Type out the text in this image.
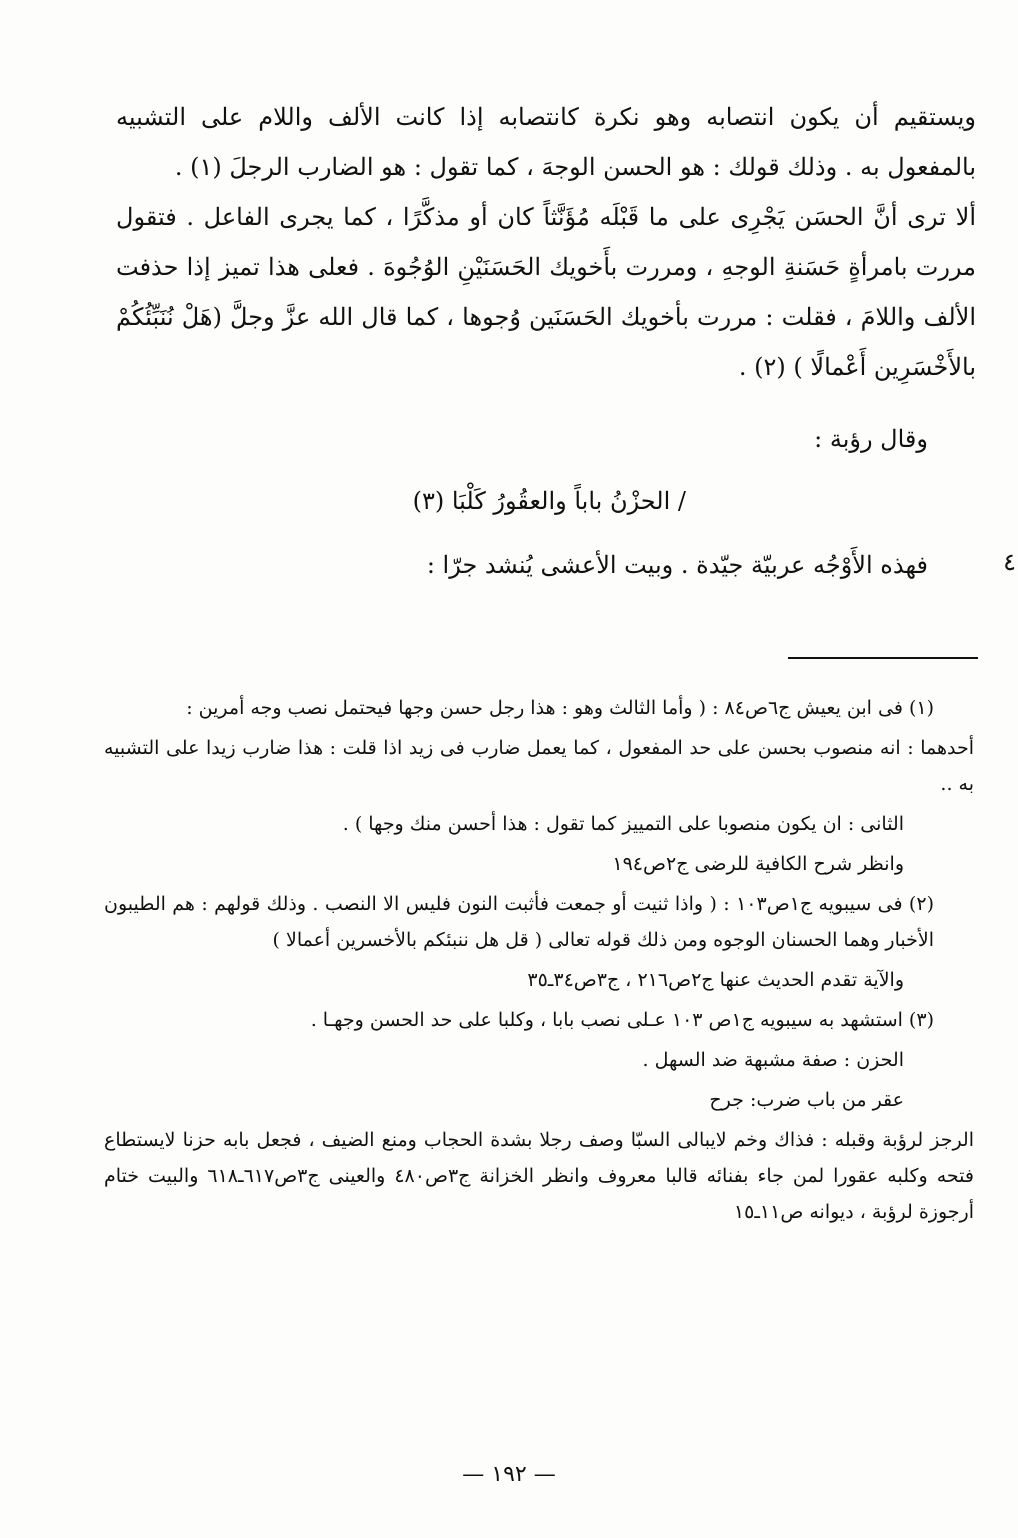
ويستقيم أن يكون انتصابه وهو نكرة كانتصابه إذا كانت الألف واللام على التشبيه بالمفعول به . وذلك قولك : هو الحسن الوجهَ ، كما تقول : هو الضارب الرجلَ (١) .

ألا ترى أنَّ الحسَن يَجْرِى على ما قَبْلَه مُؤَنَّثاً كان أو مذكَّرًا ، كما يجرى الفاعل . فتقول مررت بامرأةٍ حَسَنةِ الوجهِ ، ومررت بأَخويك الحَسَنَيْنِ الوُجُوهَ . فعلى هذا تميز إذا حذفت الألف واللامَ ، فقلت : مررت بأخويك الحَسَنَين وُجوها ، كما قال الله عزَّ وجلَّ (هَلْ نُنَبِّئُكُمْ بالأَخْسَرِين أَعْمالًا ) (٢) .

وقال رؤبة :

/ الحزْنُ باباً والعقُورُ كَلْبَا (٣)

فهذه الأَوْجُه عربيّة جيّدة . وبيت الأعشى يُنشد جرّا :	٤

(١) فى ابن يعيش ج٦ص٨٤ : ( وأما الثالث وهو : هذا رجل حسن وجها فيحتمل نصب وجه أمرين :

أحدهما : انه منصوب بحسن على حد المفعول ، كما يعمل ضارب فى زيد اذا قلت : هذا ضارب زيدا على التشبيه به ..

الثانى : ان يكون منصوبا على التمييز كما تقول : هذا أحسن منك وجها ) .

وانظر شرح الكافية للرضى ج٢ص١٩٤

(٢) فى سيبويه ج١ص١٠٣ : ( واذا ثنيت أو جمعت فأثبت النون فليس الا النصب . وذلك قولهم : هم الطيبون الأخبار وهما الحسنان الوجوه ومن ذلك قوله تعالى ( قل هل ننبئكم بالأخسرين أعمالا )

والآية تقدم الحديث عنها ج٢ص٢١٦ ، ج٣ص٣٤ـ٣٥

(٣) استشهد به سيبويه ج١ص ١٠٣ عـلى نصب بابا ، وكلبا على حد الحسن وجهـا .

الحزن : صفة مشبهة ضد السهل .

عقر من باب ضرب: جرح

الرجز لرؤبة وقبله : فذاك وخم لايبالى السبّا وصف رجلا بشدة الحجاب ومنع الضيف ، فجعل بابه حزنا لايستطاع فتحه وكلبه عقورا لمن جاء بفنائه قالبا معروف وانظر الخزانة ج٣ص٤٨٠ والعينى ج٣ص٦١٧ـ٦١٨ والبيت ختام أرجوزة لرؤبة ، ديوانه ص١١ـ١٥

— ١٩٢ —
